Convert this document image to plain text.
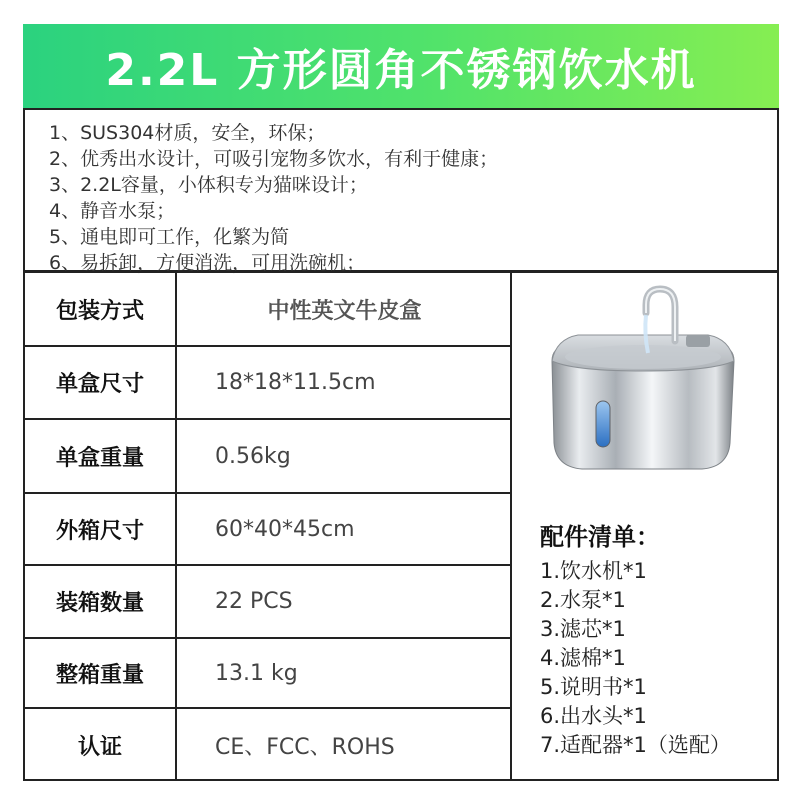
2.2L 方形圆角不锈钢饮水机
1、SUS304材质，安全，环保；
2、优秀出水设计，可吸引宠物多饮水，有利于健康；
3、2.2L容量，小体积专为猫咪设计；
4、静音水泵；
5、通电即可工作，化繁为简
6、易拆卸，方便消洗，可用洗碗机；
包装方式	中性英文牛皮盒
单盒尺寸	18*18*11.5cm
单盒重量	0.56kg
外箱尺寸	60*40*45cm
装箱数量	22 PCS
整箱重量	13.1 kg
认证	CE、FCC、ROHS
配件清单：
1.饮水机*1
2.水泵*1
3.滤芯*1
4.滤棉*1
5.说明书*1
6.出水头*1
7.适配器*1（选配）
